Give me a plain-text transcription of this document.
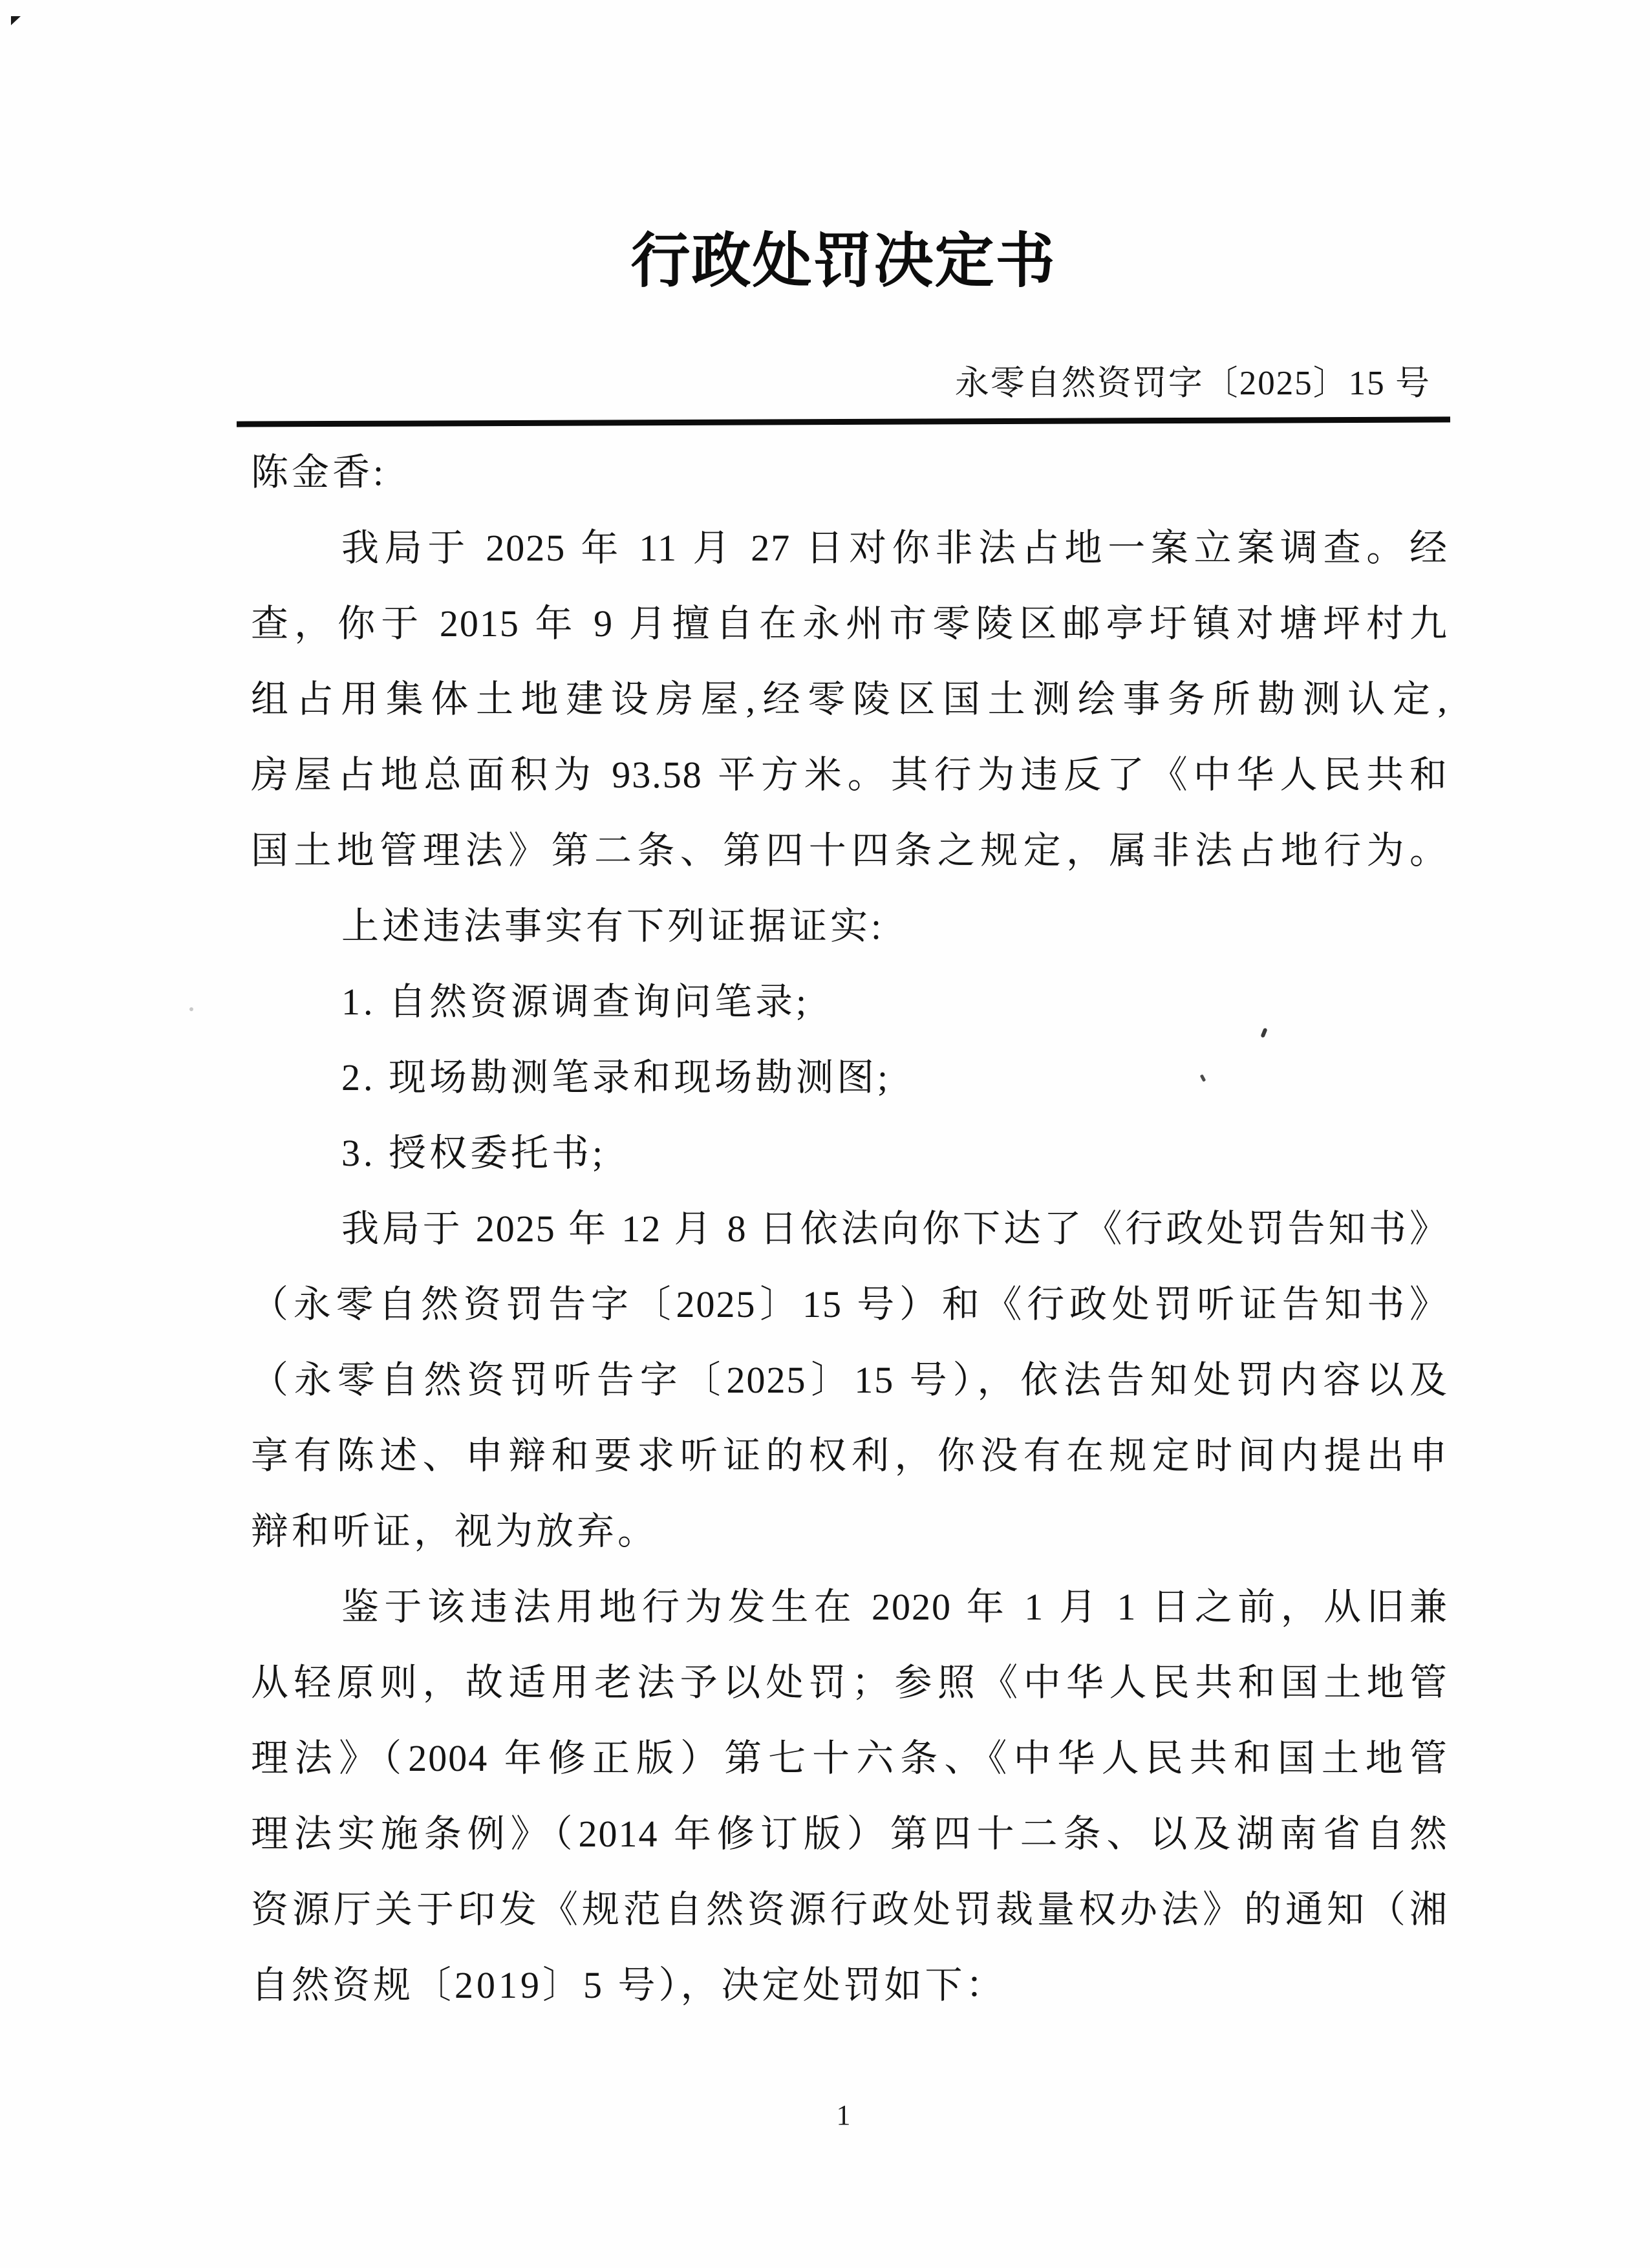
行政处罚决定书
永零自然资罚字〔2025〕15 号
陈金香:
我局于 2025 年 11 月 27 日对你非法占地一案立案调查。经
查，你于 2015 年 9 月擅自在永州市零陵区邮亭圩镇对塘坪村九
组占用集体土地建设房屋,经零陵区国土测绘事务所勘测认定,
房屋占地总面积为 93.58 平方米。其行为违反了《中华人民共和
国土地管理法》第二条、第四十四条之规定，属非法占地行为。
上述违法事实有下列证据证实:
1. 自然资源调查询问笔录;
2. 现场勘测笔录和现场勘测图;
3. 授权委托书;
我局于 2025 年 12 月 8 日依法向你下达了《行政处罚告知书》
（永零自然资罚告字〔2025〕15 号）和《行政处罚听证告知书》
（永零自然资罚听告字〔2025〕15 号），依法告知处罚内容以及
享有陈述、申辩和要求听证的权利，你没有在规定时间内提出申
辩和听证，视为放弃。
鉴于该违法用地行为发生在 2020 年 1 月 1 日之前，从旧兼
从轻原则，故适用老法予以处罚；参照《中华人民共和国土地管
理法》（2004 年修正版）第七十六条、《中华人民共和国土地管
理法实施条例》（2014 年修订版）第四十二条、以及湖南省自然
资源厅关于印发《规范自然资源行政处罚裁量权办法》的通知（湘
自然资规〔2019〕5 号），决定处罚如下：
1
